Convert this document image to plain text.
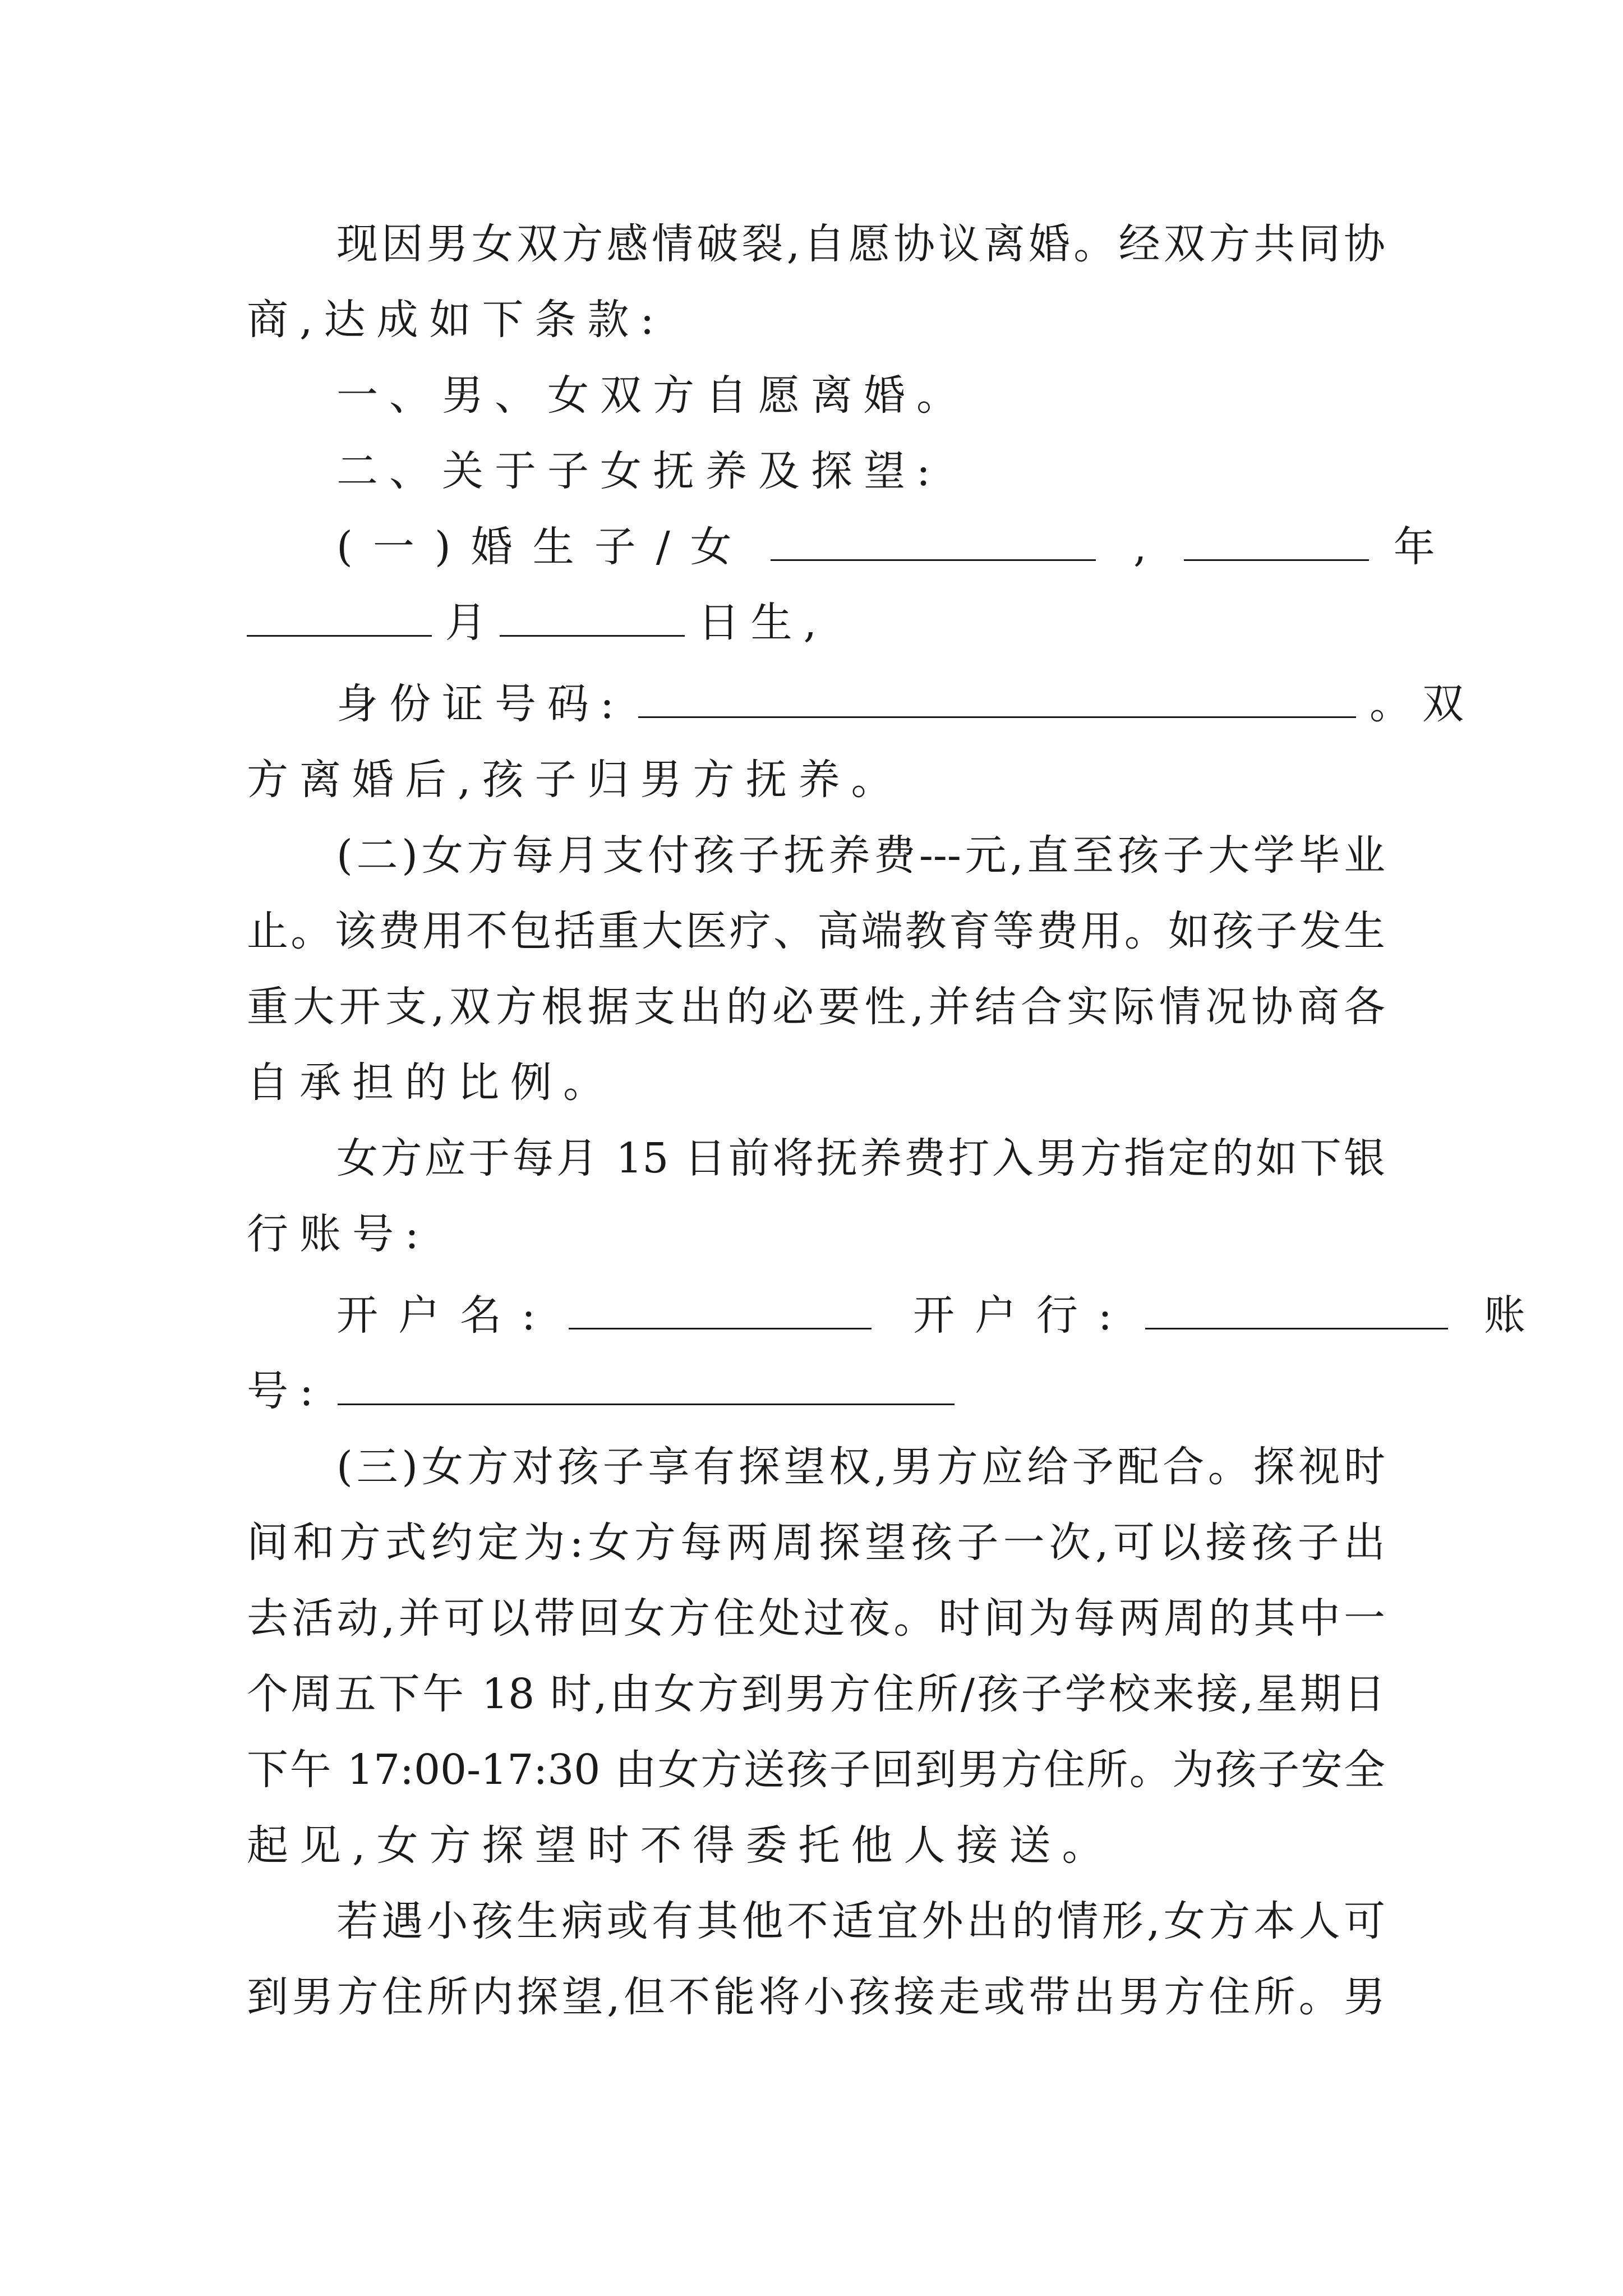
现因男女双方感情破裂,自愿协议离婚。经双方共同协
商,达成如下条款:
一、男、女双方自愿离婚。
二、关于子女抚养及探望:
(一)婚生子/女	,	年
月	日生,
身份证号码:	。双
方离婚后,孩子归男方抚养。
(二)女方每月支付孩子抚养费---元,直至孩子大学毕业
止。该费用不包括重大医疗、高端教育等费用。如孩子发生
重大开支,双方根据支出的必要性,并结合实际情况协商各
自承担的比例。
女方应于每月 15 日前将抚养费打入男方指定的如下银
行账号:
开户名:	开户行:	账
号:
(三)女方对孩子享有探望权,男方应给予配合。探视时
间和方式约定为:女方每两周探望孩子一次,可以接孩子出
去活动,并可以带回女方住处过夜。时间为每两周的其中一
个周五下午 18 时,由女方到男方住所/孩子学校来接,星期日
下午 17:00-17:30 由女方送孩子回到男方住所。为孩子安全
起见,女方探望时不得委托他人接送。
若遇小孩生病或有其他不适宜外出的情形,女方本人可
到男方住所内探望,但不能将小孩接走或带出男方住所。男
